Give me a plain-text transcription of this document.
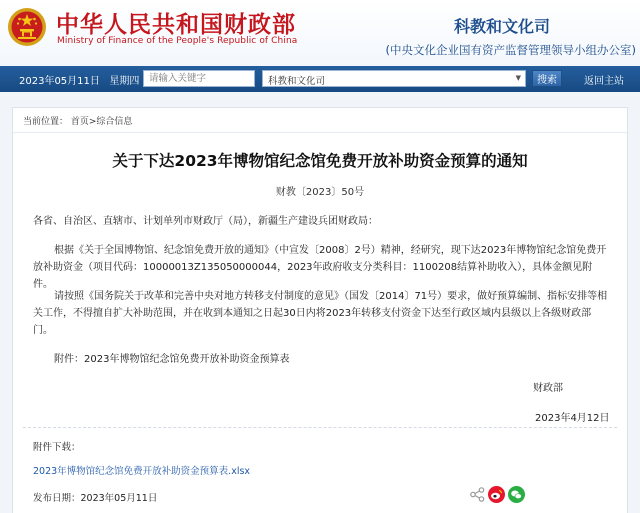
中华人民共和国财政部
Ministry of Finance of the People's Republic of China
科教和文化司
(中央文化企业国有资产监督管理领导小组办公室)
2023年05月11日   星期四
请输入关键字	科教和文化司	▼	搜索	返回主站
当前位置： 首页>综合信息
关于下达2023年博物馆纪念馆免费开放补助资金预算的通知
财教〔2023〕50号
各省、自治区、直辖市、计划单列市财政厅（局），新疆生产建设兵团财政局：
根据《关于全国博物馆、纪念馆免费开放的通知》（中宣发〔2008〕2号）精神，经研究，现下达2023年博物馆纪念馆免费开放补助资金（项目代码：10000013Z135050000044，2023年政府收支分类科目：1100208结算补助收入），具体金额见附件。
请按照《国务院关于改革和完善中央对地方转移支付制度的意见》（国发〔2014〕71号）要求，做好预算编制、指标安排等相关工作，不得擅自扩大补助范围，并在收到本通知之日起30日内将2023年转移支付资金下达至行政区域内县级以上各级财政部门。
附件：2023年博物馆纪念馆免费开放补助资金预算表
财政部
2023年4月12日
附件下载：
2023年博物馆纪念馆免费开放补助资金预算表.xlsx
发布日期：2023年05月11日
